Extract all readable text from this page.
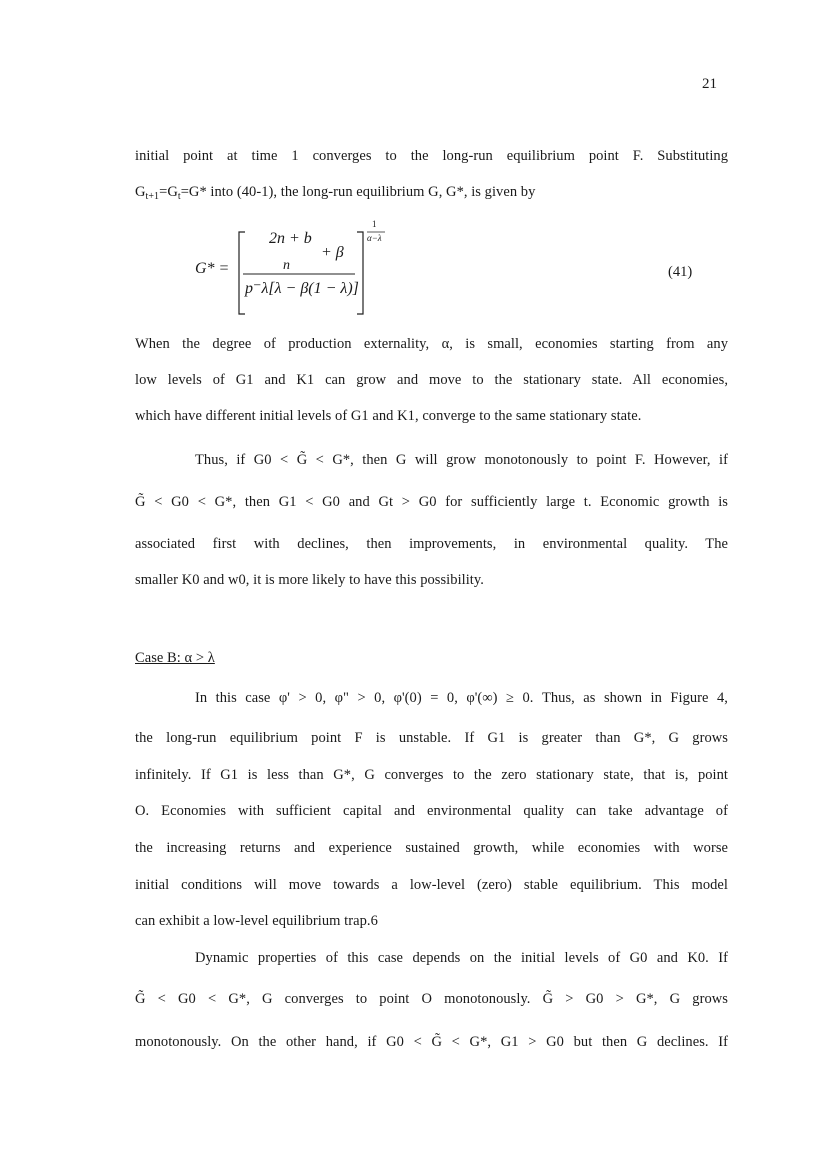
21
initial point at time 1 converges to the long-run equilibrium point F. Substituting
$G_{t+1}=G_t=G*$ into (40-1), the long-run equilibrium G, G*, is given by
G* =
2n + b
+ β
n
p⁻λ[λ − β(1 − λ)]
1
α−λ
(41)
When the degree of production externality, α, is small, economies starting from any
low levels of G1 and K1 can grow and move to the stationary state. All economies,
which have different initial levels of G1 and K1, converge to the same stationary state.
Thus, if G0 < G̃ < G*, then G will grow monotonously to point F. However, if
G̃ < G0 < G*, then G1 < G0 and Gt > G0 for sufficiently large t. Economic growth is
associated first with declines, then improvements, in environmental quality. The
smaller K0 and w0, it is more likely to have this possibility.
Case B: α > λ
In this case φ' > 0, φ" > 0, φ'(0) = 0, φ'(∞) ≥ 0. Thus, as shown in Figure 4,
the long-run equilibrium point F is unstable. If G1 is greater than G*, G grows
infinitely. If G1 is less than G*, G converges to the zero stationary state, that is, point
O. Economies with sufficient capital and environmental quality can take advantage of
the increasing returns and experience sustained growth, while economies with worse
initial conditions will move towards a low-level (zero) stable equilibrium. This model
can exhibit a low-level equilibrium trap.6
Dynamic properties of this case depends on the initial levels of G0 and K0. If
G̃ < G0 < G*, G converges to point O monotonously. G̃ > G0 > G*, G grows
monotonously. On the other hand, if G0 < G̃ < G*, G1 > G0 but then G declines. If
